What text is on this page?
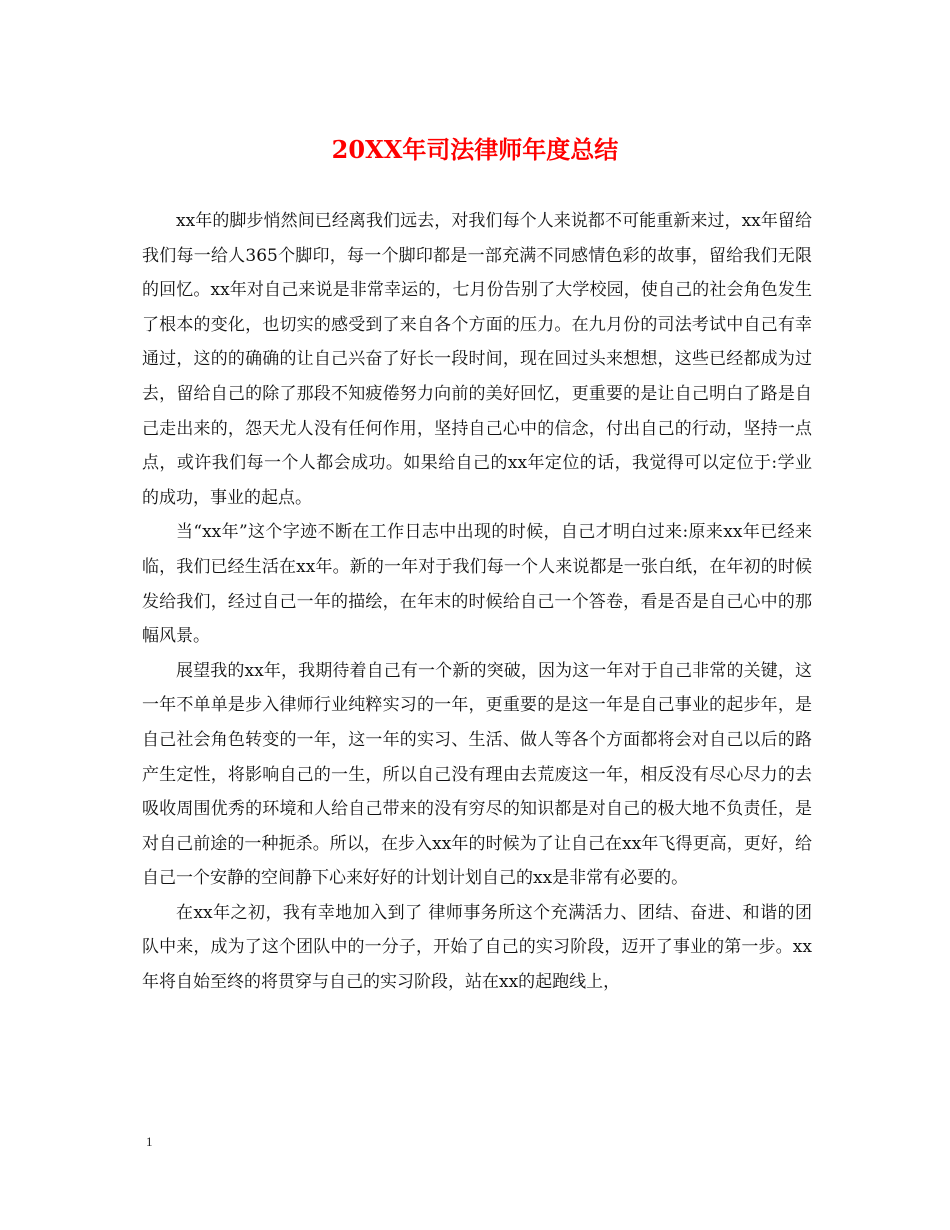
20XX年司法律师年度总结

xx年的脚步悄然间已经离我们远去，对我们每个人来说都不可能重新来过，xx年留给我们每一给人365个脚印，每一个脚印都是一部充满不同感情色彩的故事，留给我们无限的回忆。xx年对自己来说是非常幸运的，七月份告别了大学校园，使自己的社会角色发生了根本的变化，也切实的感受到了来自各个方面的压力。在九月份的司法考试中自己有幸通过，这的的确确的让自己兴奋了好长一段时间，现在回过头来想想，这些已经都成为过去，留给自己的除了那段不知疲倦努力向前的美好回忆，更重要的是让自己明白了路是自己走出来的，怨天尤人没有任何作用，坚持自己心中的信念，付出自己的行动，坚持一点点，或许我们每一个人都会成功。如果给自己的xx年定位的话，我觉得可以定位于:学业的成功，事业的起点。

当“xx年”这个字迹不断在工作日志中出现的时候，自己才明白过来:原来xx年已经来临，我们已经生活在xx年。新的一年对于我们每一个人来说都是一张白纸，在年初的时候发给我们，经过自己一年的描绘，在年末的时候给自己一个答卷，看是否是自己心中的那幅风景。

展望我的xx年，我期待着自己有一个新的突破，因为这一年对于自己非常的关键，这一年不单单是步入律师行业纯粹实习的一年，更重要的是这一年是自己事业的起步年，是自己社会角色转变的一年，这一年的实习、生活、做人等各个方面都将会对自己以后的路产生定性，将影响自己的一生，所以自己没有理由去荒废这一年，相反没有尽心尽力的去吸收周围优秀的环境和人给自己带来的没有穷尽的知识都是对自己的极大地不负责任，是对自己前途的一种扼杀。所以，在步入xx年的时候为了让自己在xx年飞得更高，更好，给自己一个安静的空间静下心来好好的计划计划自己的xx是非常有必要的。

在xx年之初，我有幸地加入到了 律师事务所这个充满活力、团结、奋进、和谐的团队中来，成为了这个团队中的一分子，开始了自己的实习阶段，迈开了事业的第一步。xx年将自始至终的将贯穿与自己的实习阶段，站在xx的起跑线上，

1
